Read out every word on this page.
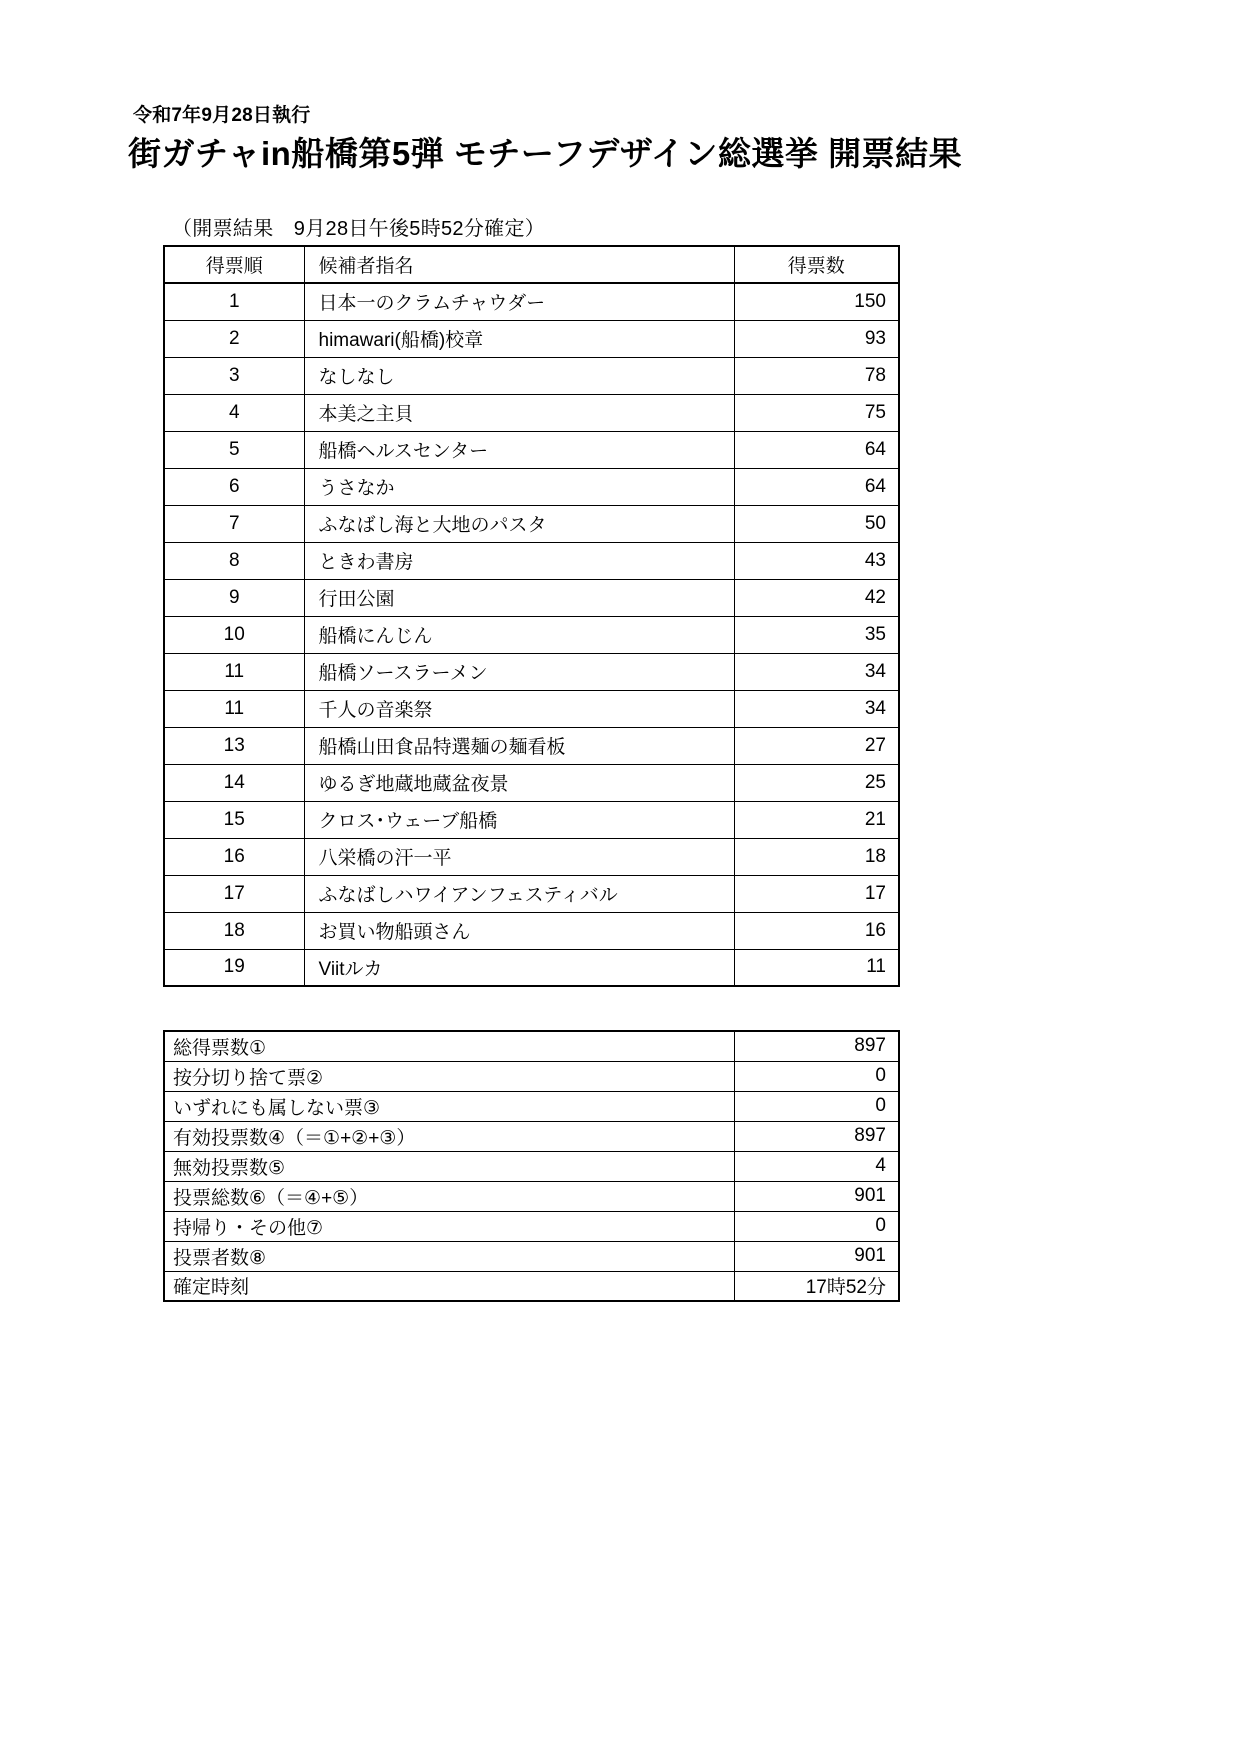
令和7年9月28日執行
街ガチャin船橋第5弾 モチーフデザイン総選挙 開票結果
（開票結果　9月28日午後5時52分確定）
得票順	候補者指名	得票数
1	日本一のクラムチャウダー	150
2	himawari(船橋)校章	93
3	なしなし	78
4	本美之主貝	75
5	船橋ヘルスセンター	64
6	うさなか	64
7	ふなばし海と大地のパスタ	50
8	ときわ書房	43
9	行田公園	42
10	船橋にんじん	35
11	船橋ソースラーメン	34
11	千人の音楽祭	34
13	船橋山田食品特選麺の麺看板	27
14	ゆるぎ地蔵地蔵盆夜景	25
15	クロス･ウェーブ船橋	21
16	八栄橋の汗一平	18
17	ふなばしハワイアンフェスティバル	17
18	お買い物船頭さん	16
19	Viitルカ	11
総得票数①	897
按分切り捨て票②	0
いずれにも属しない票③	0
有効投票数④（＝①+②+③）	897
無効投票数⑤	4
投票総数⑥（＝④+⑤）	901
持帰り・その他⑦	0
投票者数⑧	901
確定時刻	17時52分
